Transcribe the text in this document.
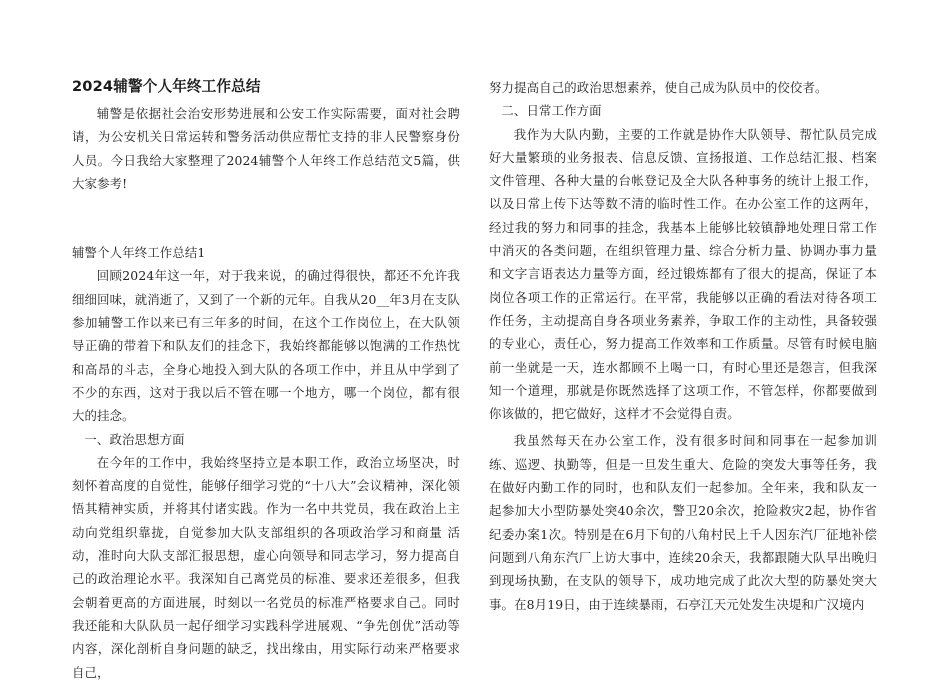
2024辅警个人年终工作总结

辅警是依据社会治安形势进展和公安工作实际需要，面对社会聘请，为公安机关日常运转和警务活动供应帮忙支持的非人民警察身份人员。今日我给大家整理了2024辅警个人年终工作总结范文5篇，供大家参考!

辅警个人年终工作总结1

回顾2024年这一年，对于我来说，的确过得很快，都还不允许我细细回味，就消逝了，又到了一个新的元年。自我从20__年3月在支队参加辅警工作以来已有三年多的时间，在这个工作岗位上，在大队领导正确的带着下和队友们的挂念下，我始终都能够以饱满的工作热忱和高昂的斗志，全身心地投入到大队的各项工作中，并且从中学到了不少的东西，这对于我以后不管在哪一个地方，哪一个岗位，都有很大的挂念。

一、政治思想方面

在今年的工作中，我始终坚持立是本职工作，政治立场坚决，时刻怀着高度的自觉性，能够仔细学习党的“十八大”会议精神，深化领悟其精神实质，并将其付诸实践。作为一名中共党员，我在政治上主动向党组织靠拢，自觉参加大队支部组织的各项政治学习和商量 活动，准时向大队支部汇报思想，虚心向领导和同志学习，努力提高自己的政治理论水平。我深知自己离党员的标准、要求还差很多，但我会朝着更高的方面进展，时刻以一名党员的标准严格要求自己。同时我还能和大队队员一起仔细学习实践科学进展观、“争先创优”活动等内容，深化剖析自身问题的缺乏，找出缘由，用实际行动来严格要求自己，

努力提高自己的政治思想素养，使自己成为队员中的佼佼者。

二、日常工作方面

我作为大队内勤，主要的工作就是协作大队领导、帮忙队员完成好大量繁琐的业务报表、信息反馈、宣扬报道、工作总结汇报、档案文件管理、各种大量的台帐登记及全大队各种事务的统计上报工作，以及日常上传下达等数不清的临时性工作。在办公室工作的这两年，经过我的努力和同事的挂念，我基本上能够比较镇静地处理日常工作中消灭的各类问题，在组织管理力量、综合分析力量、协调办事力量和文字言语表达力量等方面，经过锻炼都有了很大的提高，保证了本岗位各项工作的正常运行。在平常，我能够以正确的看法对待各项工作任务，主动提高自身各项业务素养，争取工作的主动性，具备较强的专业心，责任心，努力提高工作效率和工作质量。尽管有时候电脑前一坐就是一天，连水都顾不上喝一口，有时心里还是怨言，但我深知一个道理，那就是你既然选择了这项工作，不管怎样，你都要做到你该做的，把它做好，这样才不会觉得自责。

我虽然每天在办公室工作，没有很多时间和同事在一起参加训练、巡逻、执勤等，但是一旦发生重大、危险的突发大事等任务，我在做好内勤工作的同时，也和队友们一起参加。全年来，我和队友一起参加大小型防暴处突40余次，警卫20余次，抢险救灾2起，协作省纪委办案1次。特别是在6月下旬的八角村民上千人因东汽厂征地补偿问题到八角东汽厂上访大事中，连续20余天，我都跟随大队早出晚归到现场执勤，在支队的领导下，成功地完成了此次大型的防暴处突大事。在8月19日，由于连续暴雨，石亭江天元处发生决堤和广汉境内
